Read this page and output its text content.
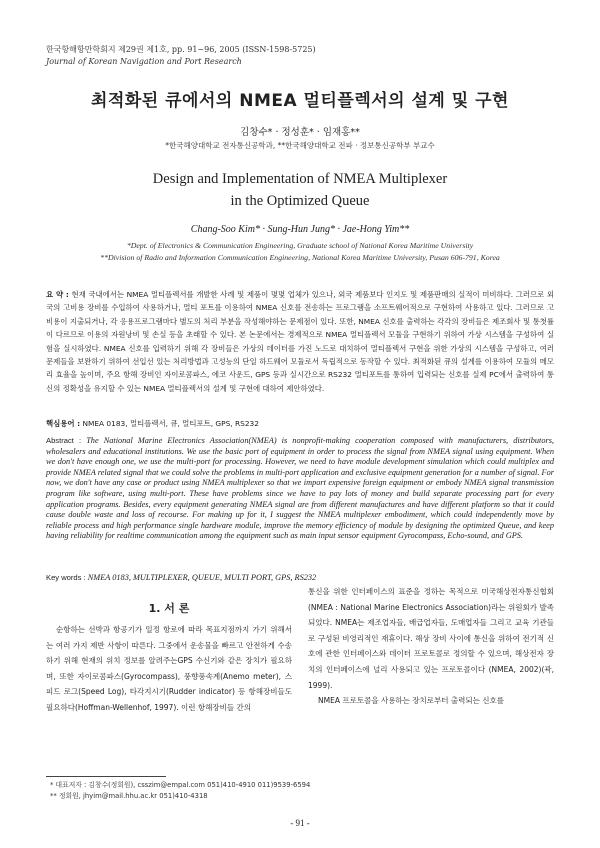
한국항해항만학회지 제29권 제1호, pp. 91~96, 2005 (ISSN-1598-5725)
Journal of Korean Navigation and Port Research
최적화된 큐에서의 NMEA 멀티플렉서의 설계 및 구현
김창수* · 정성훈* · 임재홍**
*한국해양대학교 전자통신공학과, **한국해양대학교 전파 · 정보통신공학부 부교수
Design and Implementation of NMEA Multiplexer
in the Optimized Queue
Chang-Soo Kim* · Sung-Hun Jung* · Jae-Hong Yim**
*Dept. of Electronics & Communication Engineering, Graduate school of National Korea Maritime University
**Division of Radio and Information Communication Engineering, National Korea Maritime University, Pusan 606-791, Korea
요 약 : 현재 국내에서는 NMEA 멀티플렉서를 개발한 사례 및 제품이 몇몇 업체가 있으나, 외국 제품보다 인지도 및 제품판매의 실적이 미비하다. 그러므로 외국의 고비용 장비를 수입하여 사용하거나, 멀티 포트를 이용하여 NMEA 신호를 전송하는 프로그램을 소프트웨어적으로 구현하여 사용하고 있다. 그러므로 고비용이 지출되거나, 각 응용프로그램마다 별도의 처리 부분을 작성해야하는 문제점이 있다. 또한, NMEA 신호를 출력하는 각각의 장비들은 제조회사 및 통첫률이 다르므로 이용의 자원낭비 및 손실 등을 초래할 수 있다. 본 논문에서는 경제적으로 NMEA 멀티플렉서 모듈을 구현하기 위하여 가상 시스템을 구성하여 실험을 실시하였다. NMEA 신호를 입력하기 위해 각 장비들은 가상의 데이터를 가진 노드로 대치하여 멀티플렉서 구현을 위한 가상의 시스템을 구성하고, 여러 문제들을 보완하기 위하여 선입선 있는 처리방법과 고성능의 단일 하드웨어 모듈로서 독립적으로 동작할 수 있다. 최적화된 큐의 설계를 이용하여 모듈의 메모리 효율을 높이며, 주요 항해 장비인 자이로콤파스, 에코 사운드, GPS 등과 실시간으로 RS232 멀티포트를 통하여 입력되는 신호를 실제 PC에서 출력하여 통신의 정확성을 유지할 수 있는 NMEA 멀티플렉서의 설계 및 구현에 대하여 제안하였다.
핵심용어 : NMEA 0183, 멀티플렉서, 큐, 멀티포트, GPS, RS232
Abstract : The National Marine Electronics Association(NMEA) is nonprofit-making cooperation composed with manufacturers, distributors, wholesalers and educational institutions. We use the basic port of equipment in order to process the signal from NMEA signal using equipment. When we don't have enough one, we use the multi-port for processing. However, we need to have module development simulation which could multiplex and provide NMEA related signal that we could solve the problems in multi-port application and exclusive equipment generation for a number of signal. For now, we don't have any case or product using NMEA multiplexer so that we import expensive foreign equipment or embody NMEA signal transmission program like software, using multi-port. These have problems since we have to pay lots of money and build separate processing part for every application programs. Besides, every equipment generating NMEA signal are from different manufactures and have different platform so that it could cause double waste and loss of recourse. For making up for it, I suggest the NMEA multiplexer embodiment, which could independently move by reliable process and high performance single hardware module, improve the memory efficiency of module by designing the optimized Queue, and keep having reliability for realtime communication among the equipment such as main input sensor equipment Gyrocompass, Echo-sound, and GPS.
Key words : NMEA 0183, MULTIPLEXER, QUEUE, MULTI PORT, GPS, RS232
1. 서 론

순항하는 선박과 항공기가 일정 항로에 따라 목표지점까지 가기 위해서는 여러 가지 제반 사항이 따른다. 그중에서 운송물을 빠르고 안전하게 수송하기 위해 현재의 위치 정보를 알려주는GPS 수신기와 같은 장치가 필요하며, 또한 자이로콤파스(Gyrocompass), 풍향풍속계(Anemo meter), 스피드 로그(Speed Log), 타각지시기(Rudder indicator) 등 항해장비들도 필요하다(Hoffman-Wellenhof, 1997). 이런 항해장비들 간의

통신을 위한 인터페이스의 표준을 정하는 목적으로 미국해상전자통신협회(NMEA : National Marine Electronics Association)라는 위원회가 발족되었다. NMEA는 제조업자들, 배급업자들, 도매업자들 그리고 교육 기관들로 구성된 비영리적인 재휴이다. 해상 장비 사이에 통신을 위하여 전기적 신호에 관한 인터페이스와 데이터 프로토콜로 정의할 수 있으며, 해상전자 장치의 인터페이스에 널리 사용되고 있는 프로토콜이다 (NMEA, 2002)(곽, 1999).

NMEA 프로토콜을 사용하는 장치로부터 출력되는 신호를

* 대표저자 : 김창수(정회원), csszim@empal.com 051)410-4910 011)9539-6594
** 정회원, jhyim@mail.hhu.ac.kr 051)410-4318
- 91 -
